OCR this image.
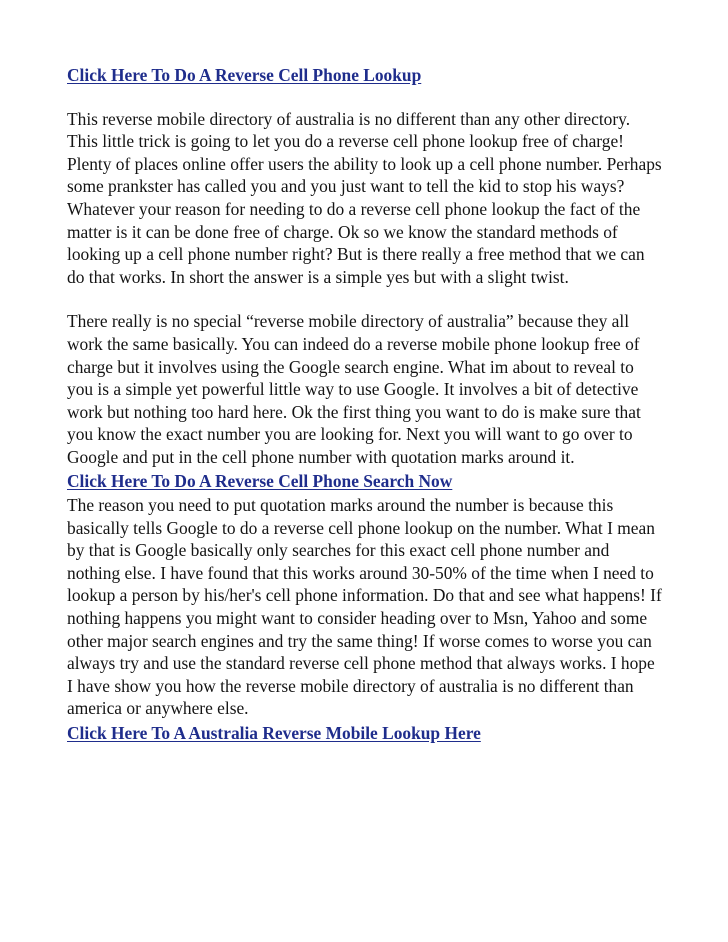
Click Here To Do A Reverse Cell Phone Lookup

This reverse mobile directory of australia is no different than any other directory. This little trick is going to let you do a reverse cell phone lookup free of charge! Plenty of places online offer users the ability to look up a cell phone number. Perhaps some prankster has called you and you just want to tell the kid to stop his ways? Whatever your reason for needing to do a reverse cell phone lookup the fact of the matter is it can be done free of charge. Ok so we know the standard methods of looking up a cell phone number right? But is there really a free method that we can do that works. In short the answer is a simple yes but with a slight twist.

There really is no special “reverse mobile directory of australia” because they all work the same basically. You can indeed do a reverse mobile phone lookup free of charge but it involves using the Google search engine. What im about to reveal to you is a simple yet powerful little way to use Google. It involves a bit of detective work but nothing too hard here. Ok the first thing you want to do is make sure that you know the exact number you are looking for. Next you will want to go over to Google and put in the cell phone number with quotation marks around it.

Click Here To Do A Reverse Cell Phone Search Now

The reason you need to put quotation marks around the number is because this basically tells Google to do a reverse cell phone lookup on the number. What I mean by that is Google basically only searches for this exact cell phone number and nothing else. I have found that this works around 30-50% of the time when I need to lookup a person by his/her's cell phone information. Do that and see what happens! If nothing happens you might want to consider heading over to Msn, Yahoo and some other major search engines and try the same thing! If worse comes to worse you can always try and use the standard reverse cell phone method that always works. I hope I have show you how the reverse mobile directory of australia is no different than america or anywhere else.

Click Here To A Australia Reverse Mobile Lookup Here
